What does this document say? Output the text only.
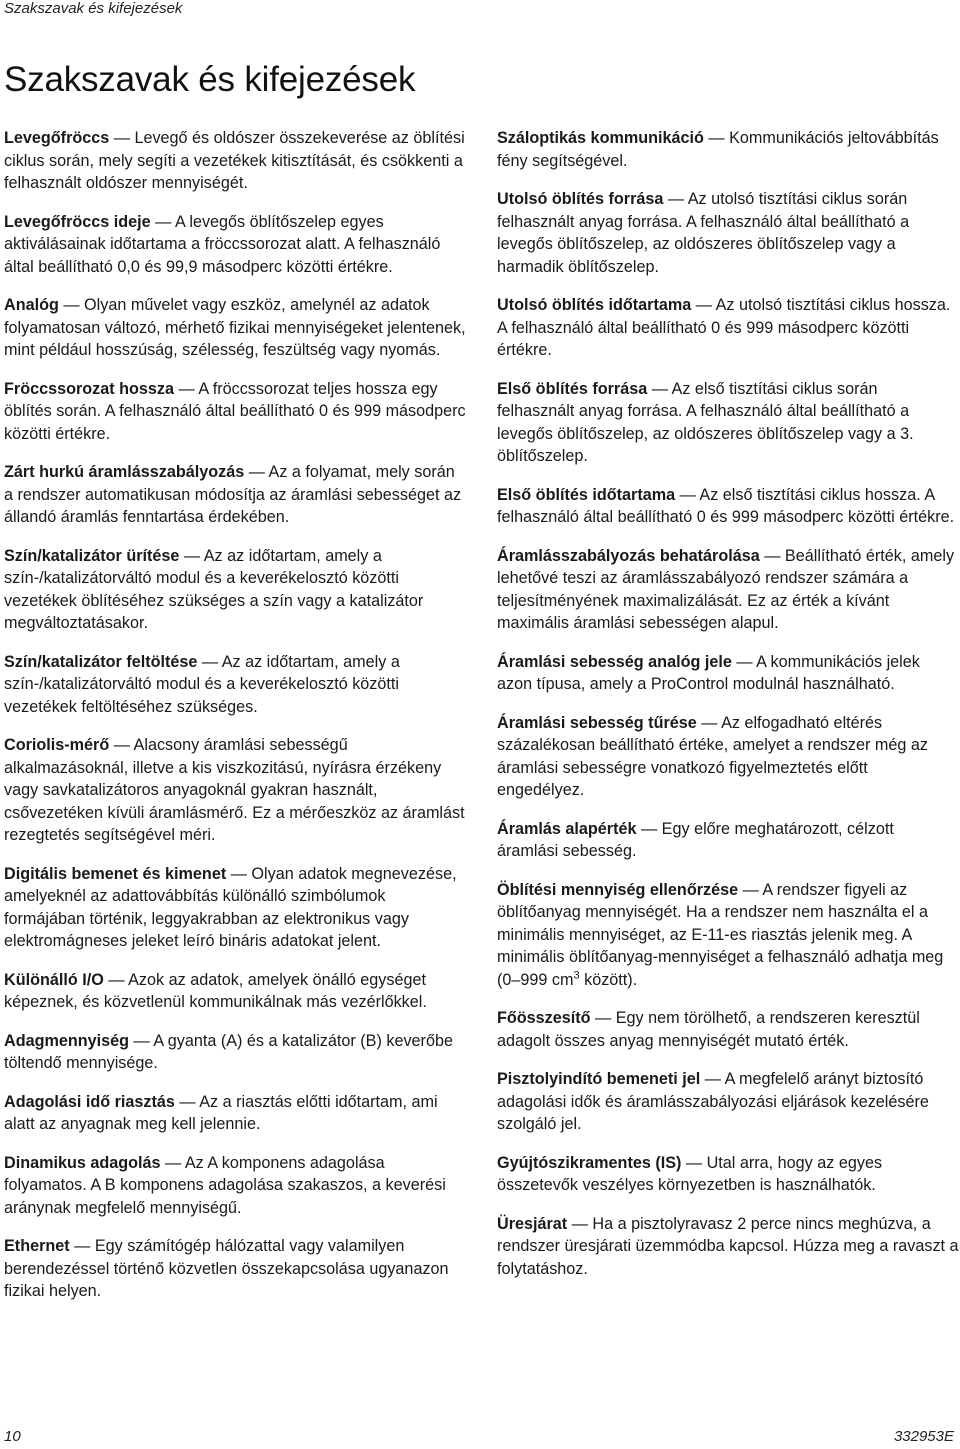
Szakszavak és kifejezések
Szakszavak és kifejezések

Levegőfröccs — Levegő és oldószer összekeverése az öblítési ciklus során, mely segíti a vezetékek kitisztítását, és csökkenti a felhasznált oldószer mennyiségét.

Levegőfröccs ideje — A levegős öblítőszelep egyes aktiválásainak időtartama a fröccssorozat alatt. A felhasználó által beállítható 0,0 és 99,9 másodperc közötti értékre.

Analóg — Olyan művelet vagy eszköz, amelynél az adatok folyamatosan változó, mérhető fizikai mennyiségeket jelentenek, mint például hosszúság, szélesség, feszültség vagy nyomás.

Fröccssorozat hossza — A fröccssorozat teljes hossza egy öblítés során. A felhasználó által beállítható 0 és 999 másodperc közötti értékre.

Zárt hurkú áramlásszabályozás — Az a folyamat, mely során a rendszer automatikusan módosítja az áramlási sebességet az állandó áramlás fenntartása érdekében.

Szín/katalizátor ürítése — Az az időtartam, amely a szín-/katalizátorváltó modul és a keverékelosztó közötti vezetékek öblítéséhez szükséges a szín vagy a katalizátor megváltoztatásakor.

Szín/katalizátor feltöltése — Az az időtartam, amely a szín-/katalizátorváltó modul és a keverékelosztó közötti vezetékek feltöltéséhez szükséges.

Coriolis-mérő — Alacsony áramlási sebességű alkalmazásoknál, illetve a kis viszkozitású, nyírásra érzékeny vagy savkatalizátoros anyagoknál gyakran használt, csővezetéken kívüli áramlásmérő. Ez a mérőeszköz az áramlást rezegtetés segítségével méri.

Digitális bemenet és kimenet — Olyan adatok megnevezése, amelyeknél az adattovábbítás különálló szimbólumok formájában történik, leggyakrabban az elektronikus vagy elektromágneses jeleket leíró bináris adatokat jelent.

Különálló I/O — Azok az adatok, amelyek önálló egységet képeznek, és közvetlenül kommunikálnak más vezérlőkkel.

Adagmennyiség — A gyanta (A) és a katalizátor (B) keverőbe töltendő mennyisége.

Adagolási idő riasztás — Az a riasztás előtti időtartam, ami alatt az anyagnak meg kell jelennie.

Dinamikus adagolás — Az A komponens adagolása folyamatos. A B komponens adagolása szakaszos, a keverési aránynak megfelelő mennyiségű.

Ethernet — Egy számítógép hálózattal vagy valamilyen berendezéssel történő közvetlen összekapcsolása ugyanazon fizikai helyen.

Száloptikás kommunikáció — Kommunikációs jeltovábbítás fény segítségével.

Utolsó öblítés forrása — Az utolsó tisztítási ciklus során felhasznált anyag forrása. A felhasználó által beállítható a levegős öblítőszelep, az oldószeres öblítőszelep vagy a harmadik öblítőszelep.

Utolsó öblítés időtartama — Az utolsó tisztítási ciklus hossza. A felhasználó által beállítható 0 és 999 másodperc közötti értékre.

Első öblítés forrása — Az első tisztítási ciklus során felhasznált anyag forrása. A felhasználó által beállítható a levegős öblítőszelep, az oldószeres öblítőszelep vagy a 3. öblítőszelep.

Első öblítés időtartama — Az első tisztítási ciklus hossza. A felhasználó által beállítható 0 és 999 másodperc közötti értékre.

Áramlásszabályozás behatárolása — Beállítható érték, amely lehetővé teszi az áramlásszabályozó rendszer számára a teljesítményének maximalizálását. Ez az érték a kívánt maximális áramlási sebességen alapul.

Áramlási sebesség analóg jele — A kommunikációs jelek azon típusa, amely a ProControl modulnál használható.

Áramlási sebesség tűrése — Az elfogadható eltérés százalékosan beállítható értéke, amelyet a rendszer még az áramlási sebességre vonatkozó figyelmeztetés előtt engedélyez.

Áramlás alapérték — Egy előre meghatározott, célzott áramlási sebesség.

Öblítési mennyiség ellenőrzése — A rendszer figyeli az öblítőanyag mennyiségét. Ha a rendszer nem használta el a minimális mennyiséget, az E-11-es riasztás jelenik meg. A minimális öblítőanyag-mennyiséget a felhasználó adhatja meg (0–999 $cm^3$ között).

Főösszesítő — Egy nem törölhető, a rendszeren keresztül adagolt összes anyag mennyiségét mutató érték.

Pisztolyindító bemeneti jel — A megfelelő arányt biztosító adagolási idők és áramlásszabályozási eljárások kezelésére szolgáló jel.

Gyújtószikramentes (IS) — Utal arra, hogy az egyes összetevők veszélyes környezetben is használhatók.

Üresjárat — Ha a pisztolyravasz 2 perce nincs meghúzva, a rendszer üresjárati üzemmódba kapcsol. Húzza meg a ravaszt a folytatáshoz.

10	332953E
